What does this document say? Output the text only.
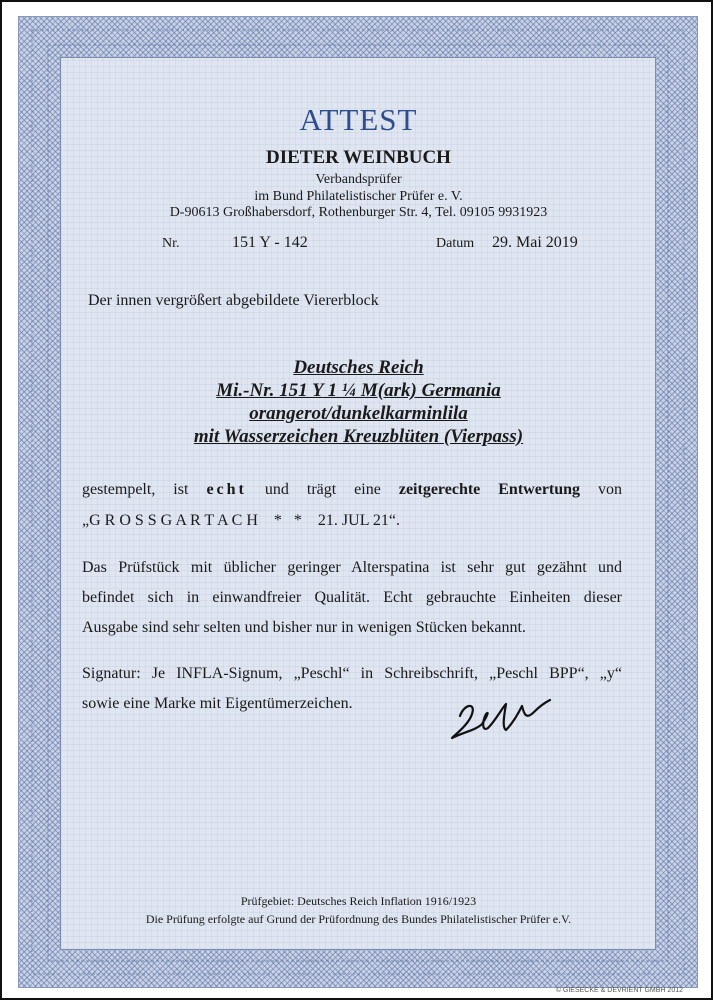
ATTEST
DIETER WEINBUCH
Verbandsprüfer
im Bund Philatelistischer Prüfer e. V.
D-90613 Großhabersdorf, Rothenburger Str. 4, Tel. 09105 9931923
Nr.	151 Y - 142	Datum 29. Mai 2019
Der innen vergrößert abgebildete Viererblock
Deutsches Reich
Mi.-Nr. 151 Y 1 ¼ M(ark) Germania
orangerot/dunkelkarminlila
mit Wasserzeichen Kreuzblüten (Vierpass)
gestempelt, ist echt und trägt eine zeitgerechte Entwertung von
„G R O S S G A R T A C H    *   *    21. JUL 21“.
Das Prüfstück mit üblicher geringer Alterspatina ist sehr gut gezähnt und
befindet sich in einwandfreier Qualität. Echt gebrauchte Einheiten dieser
Ausgabe sind sehr selten und bisher nur in wenigen Stücken bekannt.
Signatur: Je INFLA-Signum, „Peschl“ in Schreibschrift, „Peschl BPP“, „y“
sowie eine Marke mit Eigentümerzeichen.
Prüfgebiet: Deutsches Reich Inflation 1916/1923
Die Prüfung erfolgte auf Grund der Prüfordnung des Bundes Philatelistischer Prüfer e.V.
© GIESECKE & DEVRIENT GMBH 2012
